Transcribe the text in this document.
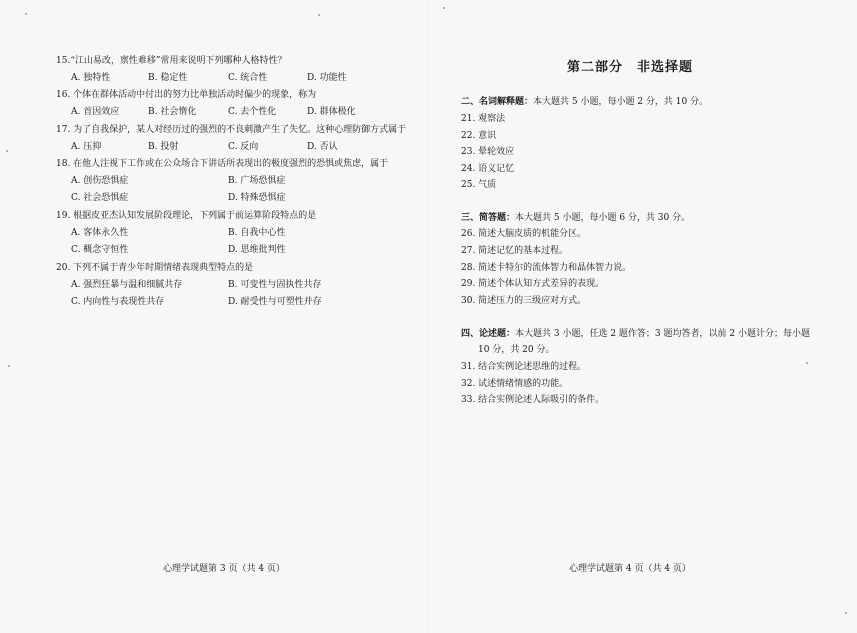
15.“江山易改，禀性难移”常用来说明下列哪种人格特性？
A. 独特性	B. 稳定性	C. 统合性	D. 功能性
16. 个体在群体活动中付出的努力比单独活动时偏少的现象，称为
A. 首因效应	B. 社会惰化	C. 去个性化	D. 群体极化
17. 为了自我保护，某人对经历过的强烈的不良刺激产生了失忆。这种心理防御方式属于
A. 压抑	B. 投射	C. 反向	D. 否认
18. 在他人注视下工作或在公众场合下讲话所表现出的极度强烈的恐惧或焦虑，属于
A. 创伤恐惧症	B. 广场恐惧症
C. 社会恐惧症	D. 特殊恐惧症
19. 根据皮亚杰认知发展阶段理论，下列属于前运算阶段特点的是
A. 客体永久性	B. 自我中心性
C. 概念守恒性	D. 思维批判性
20. 下列不属于青少年时期情绪表现典型特点的是
A. 强烈狂暴与温和细腻共存	B. 可变性与固执性共存
C. 内向性与表现性共存	D. 耐受性与可塑性并存
心理学试题第 3 页（共 4 页）
第二部分　非选择题
二、名词解释题：本大题共 5 小题，每小题 2 分，共 10 分。
21. 观察法
22. 意识
23. 晕轮效应
24. 语义记忆
25. 气质
三、简答题：本大题共 5 小题，每小题 6 分，共 30 分。
26. 简述大脑皮质的机能分区。
27. 简述记忆的基本过程。
28. 简述卡特尔的流体智力和晶体智力说。
29. 简述个体认知方式差异的表现。
30. 简述压力的三级应对方式。
四、论述题：本大题共 3 小题，任选 2 题作答；3 题均答者，以前 2 小题计分；每小题
10 分，共 20 分。
31. 结合实例论述思维的过程。
32. 试述情绪情感的功能。
33. 结合实例论述人际吸引的条件。
心理学试题第 4 页（共 4 页）
